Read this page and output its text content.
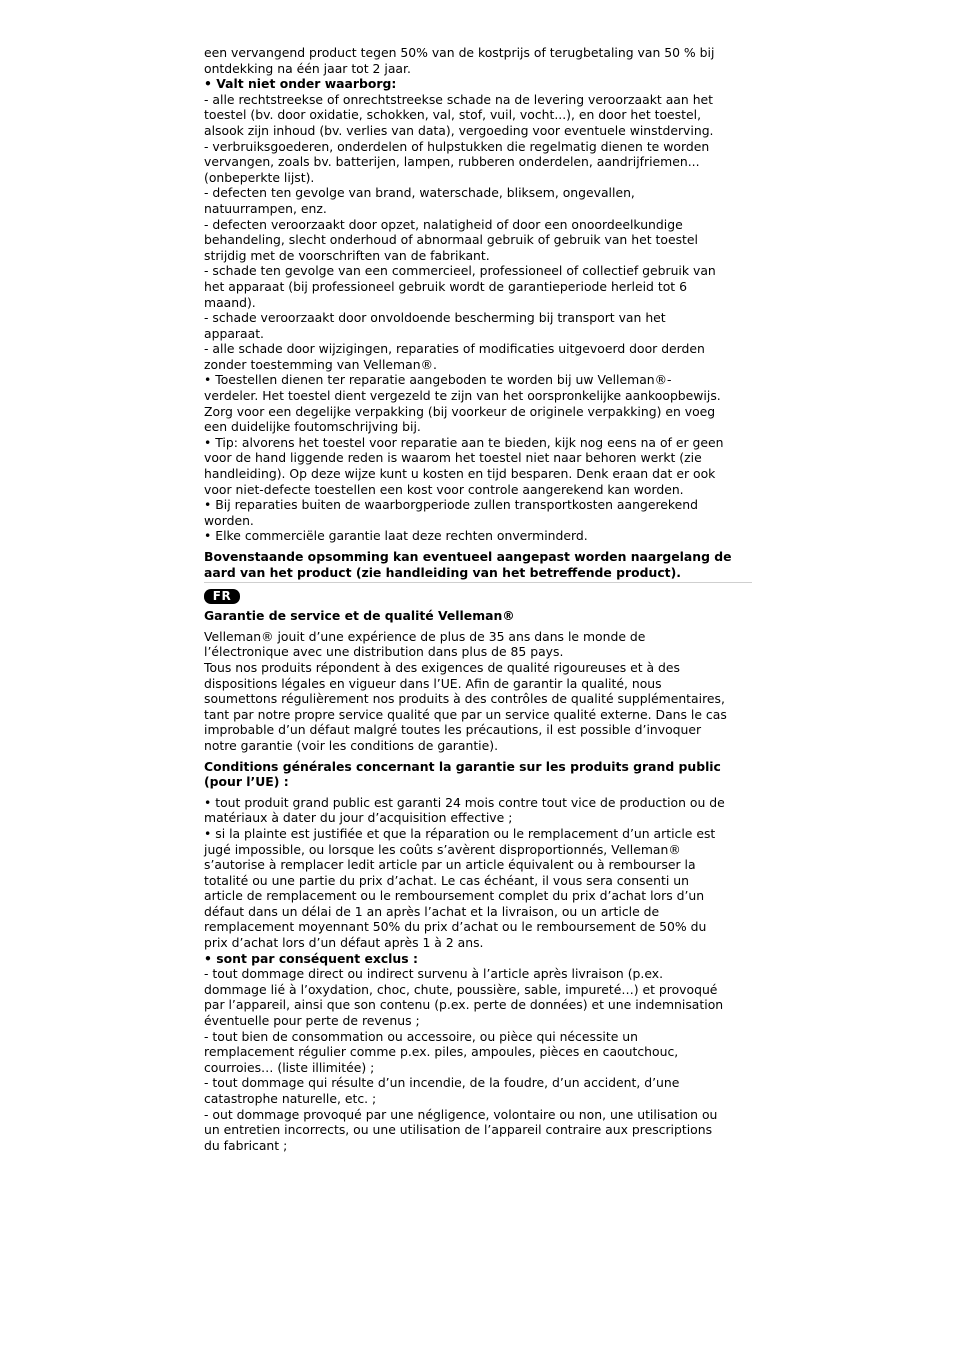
een vervangend product tegen 50% van de kostprijs of terugbetaling van 50 % bij
ontdekking na één jaar tot 2 jaar.
• Valt niet onder waarborg:
- alle rechtstreekse of onrechtstreekse schade na de levering veroorzaakt aan het
toestel (bv. door oxidatie, schokken, val, stof, vuil, vocht...), en door het toestel,
alsook zijn inhoud (bv. verlies van data), vergoeding voor eventuele winstderving.
- verbruiksgoederen, onderdelen of hulpstukken die regelmatig dienen te worden
vervangen, zoals bv. batterijen, lampen, rubberen onderdelen, aandrijfriemen...
(onbeperkte lijst).
- defecten ten gevolge van brand, waterschade, bliksem, ongevallen,
natuurrampen, enz.
- defecten veroorzaakt door opzet, nalatigheid of door een onoordeelkundige
behandeling, slecht onderhoud of abnormaal gebruik of gebruik van het toestel
strijdig met de voorschriften van de fabrikant.
- schade ten gevolge van een commercieel, professioneel of collectief gebruik van
het apparaat (bij professioneel gebruik wordt de garantieperiode herleid tot 6
maand).
- schade veroorzaakt door onvoldoende bescherming bij transport van het
apparaat.
- alle schade door wijzigingen, reparaties of modificaties uitgevoerd door derden
zonder toestemming van Velleman®.
• Toestellen dienen ter reparatie aangeboden te worden bij uw Velleman®-
verdeler. Het toestel dient vergezeld te zijn van het oorspronkelijke aankoopbewijs.
Zorg voor een degelijke verpakking (bij voorkeur de originele verpakking) en voeg
een duidelijke foutomschrijving bij.
• Tip: alvorens het toestel voor reparatie aan te bieden, kijk nog eens na of er geen
voor de hand liggende reden is waarom het toestel niet naar behoren werkt (zie
handleiding). Op deze wijze kunt u kosten en tijd besparen. Denk eraan dat er ook
voor niet-defecte toestellen een kost voor controle aangerekend kan worden.
• Bij reparaties buiten de waarborgperiode zullen transportkosten aangerekend
worden.
• Elke commerciële garantie laat deze rechten onverminderd.
Bovenstaande opsomming kan eventueel aangepast worden naargelang de
aard van het product (zie handleiding van het betreffende product).
FR
Garantie de service et de qualité Velleman®
Velleman® jouit d’une expérience de plus de 35 ans dans le monde de
l’électronique avec une distribution dans plus de 85 pays.
Tous nos produits répondent à des exigences de qualité rigoureuses et à des
dispositions légales en vigueur dans l’UE. Afin de garantir la qualité, nous
soumettons régulièrement nos produits à des contrôles de qualité supplémentaires,
tant par notre propre service qualité que par un service qualité externe. Dans le cas
improbable d’un défaut malgré toutes les précautions, il est possible d’invoquer
notre garantie (voir les conditions de garantie).
Conditions générales concernant la garantie sur les produits grand public
(pour l’UE) :
• tout produit grand public est garanti 24 mois contre tout vice de production ou de
matériaux à dater du jour d’acquisition effective ;
• si la plainte est justifiée et que la réparation ou le remplacement d’un article est
jugé impossible, ou lorsque les coûts s’avèrent disproportionnés, Velleman®
s’autorise à remplacer ledit article par un article équivalent ou à rembourser la
totalité ou une partie du prix d’achat. Le cas échéant, il vous sera consenti un
article de remplacement ou le remboursement complet du prix d’achat lors d’un
défaut dans un délai de 1 an après l’achat et la livraison, ou un article de
remplacement moyennant 50% du prix d’achat ou le remboursement de 50% du
prix d’achat lors d’un défaut après 1 à 2 ans.
• sont par conséquent exclus :
- tout dommage direct ou indirect survenu à l’article après livraison (p.ex.
dommage lié à l’oxydation, choc, chute, poussière, sable, impureté…) et provoqué
par l’appareil, ainsi que son contenu (p.ex. perte de données) et une indemnisation
éventuelle pour perte de revenus ;
- tout bien de consommation ou accessoire, ou pièce qui nécessite un
remplacement régulier comme p.ex. piles, ampoules, pièces en caoutchouc,
courroies… (liste illimitée) ;
- tout dommage qui résulte d’un incendie, de la foudre, d’un accident, d’une
catastrophe naturelle, etc. ;
- out dommage provoqué par une négligence, volontaire ou non, une utilisation ou
un entretien incorrects, ou une utilisation de l’appareil contraire aux prescriptions
du fabricant ;
